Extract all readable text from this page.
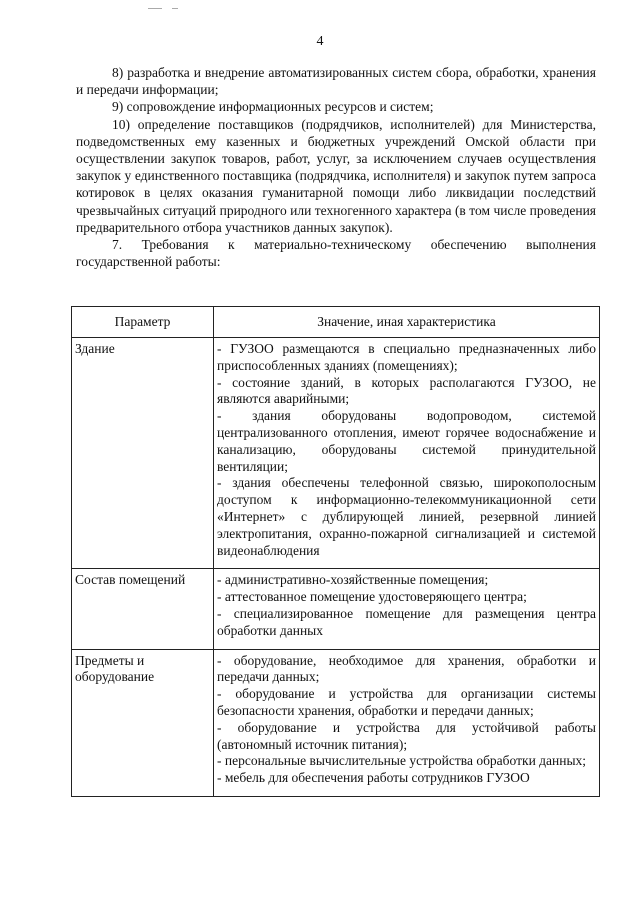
4

8) разработка и внедрение автоматизированных систем сбора, обработки, хранения и передачи информации;

9) сопровождение информационных ресурсов и систем;

10) определение поставщиков (подрядчиков, исполнителей) для Министерства, подведомственных ему казенных и бюджетных учреждений Омской области при осуществлении закупок товаров, работ, услуг, за исключением случаев осуществления закупок у единственного поставщика (подрядчика, исполнителя) и закупок путем запроса котировок в целях оказания гуманитарной помощи либо ликвидации последствий чрезвычайных ситуаций природного или техногенного характера (в том числе проведения предварительного отбора участников данных закупок).

7. Требования к материально-техническому обеспечению выполнения государственной работы:

Параметр	Значение, иная характеристика
Здание	- ГУЗОО размещаются в специально предназначенных либо приспособленных зданиях (помещениях);
- состояние зданий, в которых располагаются ГУЗОО, не являются аварийными;
- здания оборудованы водопроводом, системой централизованного отопления, имеют горячее водоснабжение и канализацию, оборудованы системой принудительной вентиляции;
- здания обеспечены телефонной связью, широкополосным доступом к информационно-телекоммуникационной сети «Интернет» с дублирующей линией, резервной линией электропитания, охранно-пожарной сигнализацией и системой видеонаблюдения

Состав помещений	- административно-хозяйственные помещения;
- аттестованное помещение удостоверяющего центра;
- специализированное помещение для размещения центра обработки данных

Предметы и оборудование	- оборудование, необходимое для хранения, обработки и передачи данных;
- оборудование и устройства для организации системы безопасности хранения, обработки и передачи данных;
- оборудование и устройства для устойчивой работы (автономный источник питания);
- персональные вычислительные устройства обработки данных;
- мебель для обеспечения работы сотрудников ГУЗОО
